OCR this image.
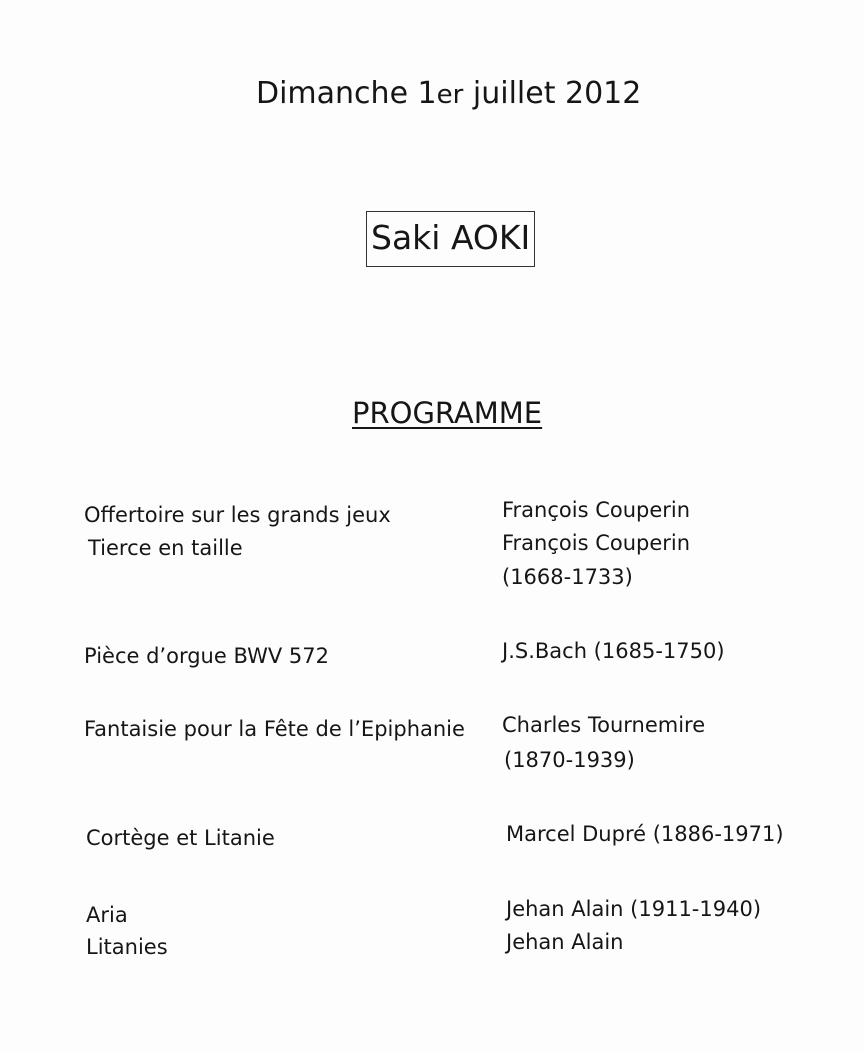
Dimanche 1er juillet 2012
Saki AOKI
PROGRAMME
Offertoire sur les grands jeux
Tierce en taille
François Couperin
François Couperin
(1668-1733)
Pièce d’orgue BWV 572	J.S.Bach (1685-1750)
Fantaisie pour la Fête de l’Epiphanie Charles Tournemire
(1870-1939)
Cortège et Litanie	Marcel Dupré (1886-1971)
Aria
Litanies
Jehan Alain (1911-1940)
Jehan Alain
